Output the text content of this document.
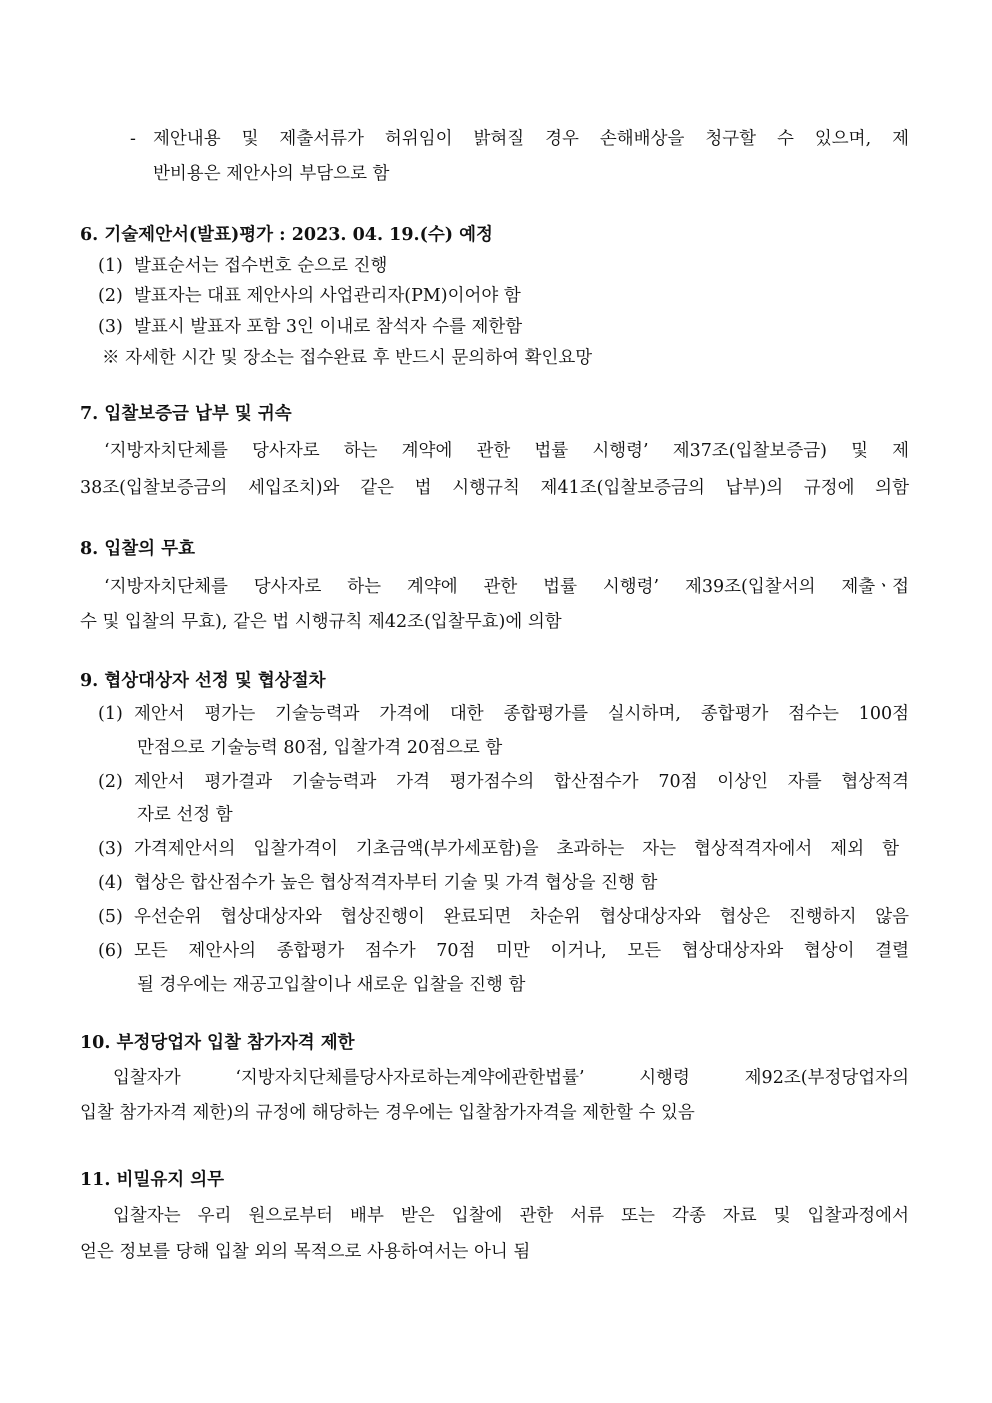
- 제안내용 및 제출서류가 허위임이 밝혀질 경우 손해배상을 청구할 수 있으며, 제
반비용은 제안사의 부담으로 함
6. 기술제안서(발표)평가 : 2023. 04. 19.(수) 예정
(1) 발표순서는 접수번호 순으로 진행
(2) 발표자는 대표 제안사의 사업관리자(PM)이어야 함
(3) 발표시 발표자 포함 3인 이내로 참석자 수를 제한함
※ 자세한 시간 및 장소는 접수완료 후 반드시 문의하여 확인요망
7. 입찰보증금 납부 및 귀속
‘지방자치단체를 당사자로 하는 계약에 관한 법률 시행령’ 제37조(입찰보증금) 및 제
38조(입찰보증금의 세입조치)와 같은 법 시행규칙 제41조(입찰보증금의 납부)의 규정에 의함
8. 입찰의 무효
‘지방자치단체를 당사자로 하는 계약에 관한 법률 시행령’ 제39조(입찰서의 제출ㆍ접
수 및 입찰의 무효), 같은 법 시행규칙 제42조(입찰무효)에 의함
9. 협상대상자 선정 및 협상절차
(1) 제안서 평가는 기술능력과 가격에 대한 종합평가를 실시하며, 종합평가 점수는 100점
만점으로 기술능력 80점, 입찰가격 20점으로 함
(2) 제안서 평가결과 기술능력과 가격 평가점수의 합산점수가 70점 이상인 자를 협상적격
자로 선정 함
(3) 가격제안서의 입찰가격이 기초금액(부가세포함)을 초과하는 자는 협상적격자에서 제외 함
(4) 협상은 합산점수가 높은 협상적격자부터 기술 및 가격 협상을 진행 함
(5) 우선순위 협상대상자와 협상진행이 완료되면 차순위 협상대상자와 협상은 진행하지 않음
(6) 모든 제안사의 종합평가 점수가 70점 미만 이거나, 모든 협상대상자와 협상이 결렬
될 경우에는 재공고입찰이나 새로운 입찰을 진행 함
10. 부정당업자 입찰 참가자격 제한
입찰자가 ‘지방자치단체를당사자로하는계약에관한법률’ 시행령 제92조(부정당업자의
입찰 참가자격 제한)의 규정에 해당하는 경우에는 입찰참가자격을 제한할 수 있음
11. 비밀유지 의무
입찰자는 우리 원으로부터 배부 받은 입찰에 관한 서류 또는 각종 자료 및 입찰과정에서
얻은 정보를 당해 입찰 외의 목적으로 사용하여서는 아니 됨
